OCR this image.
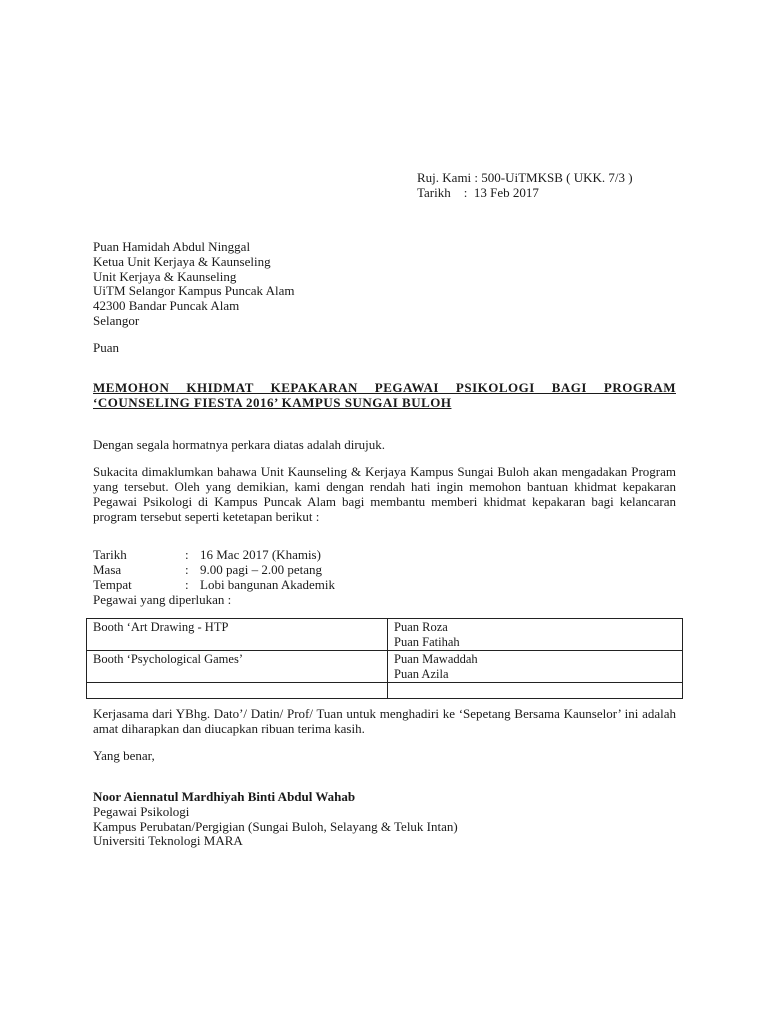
Ruj. Kami : 500-UiTMKSB ( UKK. 7/3 )
Tarikh    :  13 Feb 2017
Puan Hamidah Abdul Ninggal
Ketua Unit Kerjaya & Kaunseling
Unit Kerjaya & Kaunseling
UiTM Selangor Kampus Puncak Alam
42300 Bandar Puncak Alam
Selangor
Puan
MEMOHON KHIDMAT KEPAKARAN PEGAWAI PSIKOLOGI BAGI PROGRAM ‘COUNSELING FIESTA 2016’ KAMPUS SUNGAI BULOH
Dengan segala hormatnya perkara diatas adalah dirujuk.
Sukacita dimaklumkan bahawa Unit Kaunseling & Kerjaya Kampus Sungai Buloh akan mengadakan Program yang tersebut. Oleh yang demikian, kami dengan rendah hati ingin memohon bantuan khidmat kepakaran Pegawai Psikologi di Kampus Puncak Alam bagi membantu memberi khidmat kepakaran bagi kelancaran program tersebut seperti ketetapan berikut :
Tarikh	: 16 Mac 2017 (Khamis)
Masa	: 9.00 pagi – 2.00 petang
Tempat	: Lobi bangunan Akademik
Pegawai yang diperlukan :
Booth ‘Art Drawing - HTP	Puan Roza
Puan Fatihah

Booth ‘Psychological Games’	Puan Mawaddah
Puan Azila

Kerjasama dari YBhg. Dato’/ Datin/ Prof/ Tuan untuk menghadiri ke ‘Sepetang Bersama Kaunselor’ ini adalah amat diharapkan dan diucapkan ribuan terima kasih.
Yang benar,
Noor Aiennatul Mardhiyah Binti Abdul Wahab
Pegawai Psikologi
Kampus Perubatan/Pergigian (Sungai Buloh, Selayang & Teluk Intan)
Universiti Teknologi MARA
